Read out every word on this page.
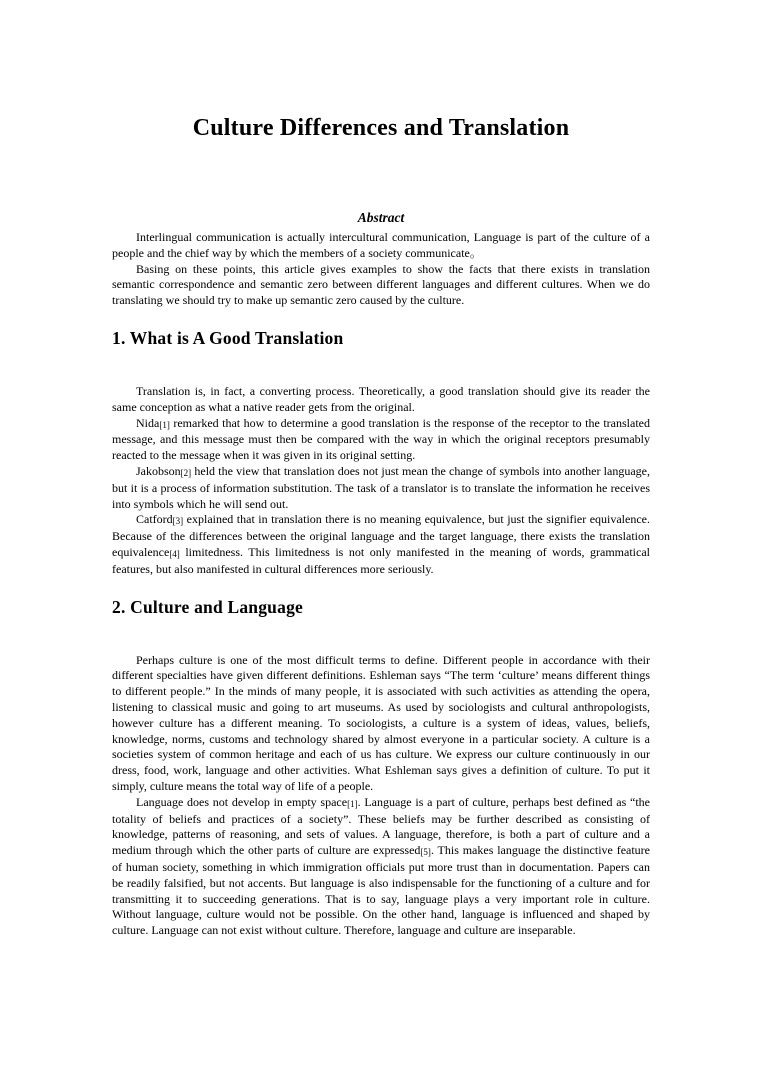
Culture Differences and Translation
Abstract

Interlingual communication is actually intercultural communication, Language is part of the culture of a people and the chief way by which the members of a society communicate。

Basing on these points, this article gives examples to show the facts that there exists in translation semantic correspondence and semantic zero between different languages and different cultures. When we do translating we should try to make up semantic zero caused by the culture.

1. What is A Good Translation

Translation is, in fact, a converting process. Theoretically, a good translation should give its reader the same conception as what a native reader gets from the original.

Nida[1] remarked that how to determine a good translation is the response of the receptor to the translated message, and this message must then be compared with the way in which the original receptors presumably reacted to the message when it was given in its original setting.

Jakobson[2] held the view that translation does not just mean the change of symbols into another language, but it is a process of information substitution. The task of a translator is to translate the information he receives into symbols which he will send out.

Catford[3] explained that in translation there is no meaning equivalence, but just the signifier equivalence. Because of the differences between the original language and the target language, there exists the translation equivalence[4] limitedness. This limitedness is not only manifested in the meaning of words, grammatical features, but also manifested in cultural differences more seriously.

2. Culture and Language

Perhaps culture is one of the most difficult terms to define. Different people in accordance with their different specialties have given different definitions. Eshleman says “The term ‘culture’ means different things to different people.” In the minds of many people, it is associated with such activities as attending the opera, listening to classical music and going to art museums. As used by sociologists and cultural anthropologists, however culture has a different meaning. To sociologists, a culture is a system of ideas, values, beliefs, knowledge, norms, customs and technology shared by almost everyone in a particular society. A culture is a societies system of common heritage and each of us has culture. We express our culture continuously in our dress, food, work, language and other activities. What Eshleman says gives a definition of culture. To put it simply, culture means the total way of life of a people.

Language does not develop in empty space[1]. Language is a part of culture, perhaps best defined as “the totality of beliefs and practices of a society”. These beliefs may be further described as consisting of knowledge, patterns of reasoning, and sets of values. A language, therefore, is both a part of culture and a medium through which the other parts of culture are expressed[5]. This makes language the distinctive feature of human society, something in which immigration officials put more trust than in documentation. Papers can be readily falsified, but not accents. But language is also indispensable for the functioning of a culture and for transmitting it to succeeding generations. That is to say, language plays a very important role in culture. Without language, culture would not be possible. On the other hand, language is influenced and shaped by culture. Language can not exist without culture. Therefore, language and culture are inseparable.
